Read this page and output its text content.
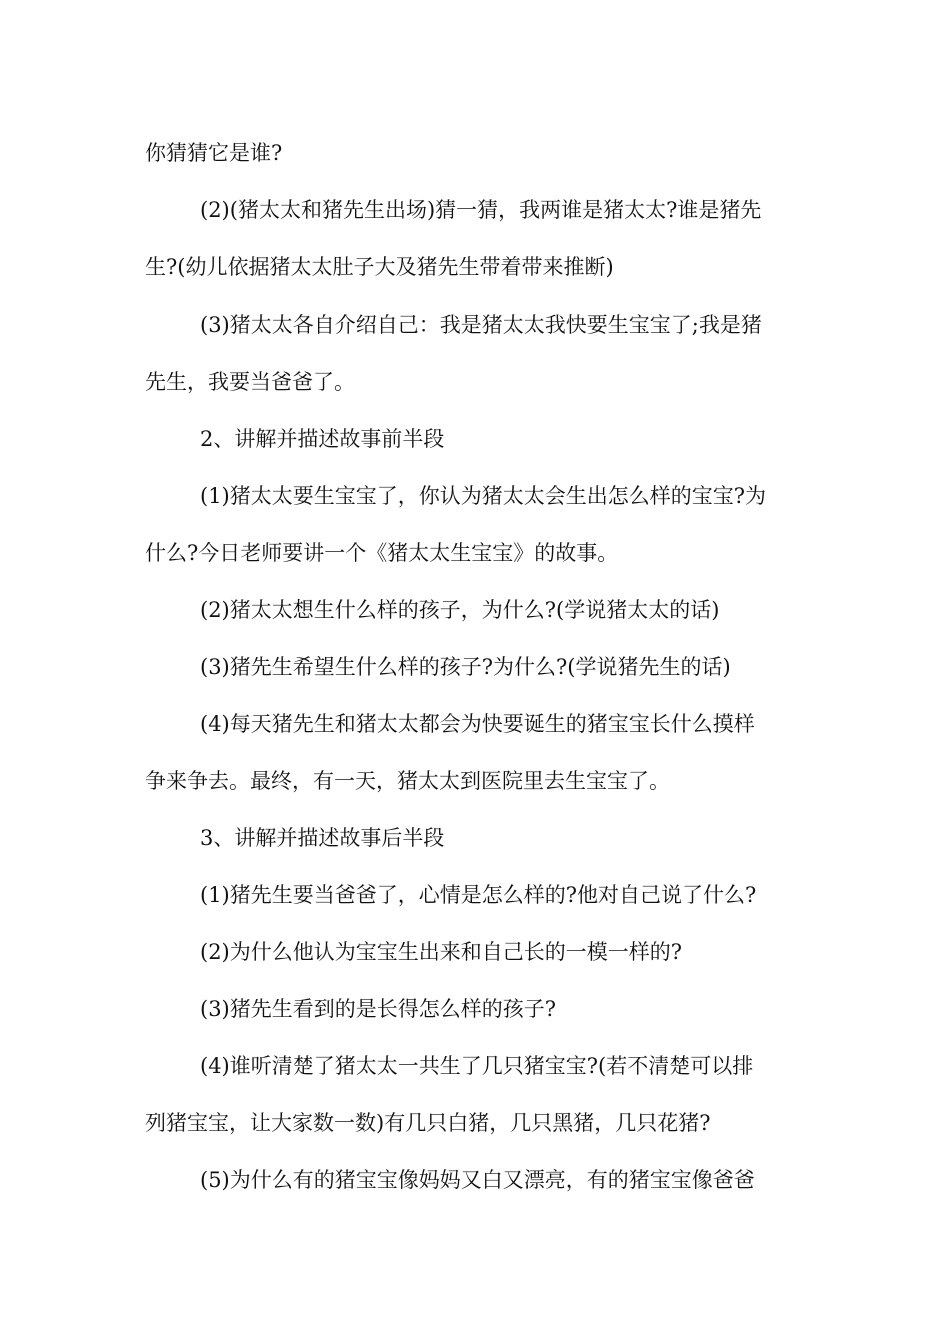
你猜猜它是谁?
(2)(猪太太和猪先生出场)猜一猜，我两谁是猪太太?谁是猪先
生?(幼儿依据猪太太肚子大及猪先生带着带来推断)
(3)猪太太各自介绍自己：我是猪太太我快要生宝宝了;我是猪
先生，我要当爸爸了。
2、讲解并描述故事前半段
(1)猪太太要生宝宝了，你认为猪太太会生出怎么样的宝宝?为
什么?今日老师要讲一个《猪太太生宝宝》的故事。
(2)猪太太想生什么样的孩子，为什么?(学说猪太太的话)
(3)猪先生希望生什么样的孩子?为什么?(学说猪先生的话)
(4)每天猪先生和猪太太都会为快要诞生的猪宝宝长什么摸样
争来争去。最终，有一天，猪太太到医院里去生宝宝了。
3、讲解并描述故事后半段
(1)猪先生要当爸爸了，心情是怎么样的?他对自己说了什么?
(2)为什么他认为宝宝生出来和自己长的一模一样的?
(3)猪先生看到的是长得怎么样的孩子?
(4)谁听清楚了猪太太一共生了几只猪宝宝?(若不清楚可以排
列猪宝宝，让大家数一数)有几只白猪，几只黑猪，几只花猪?
(5)为什么有的猪宝宝像妈妈又白又漂亮，有的猪宝宝像爸爸
